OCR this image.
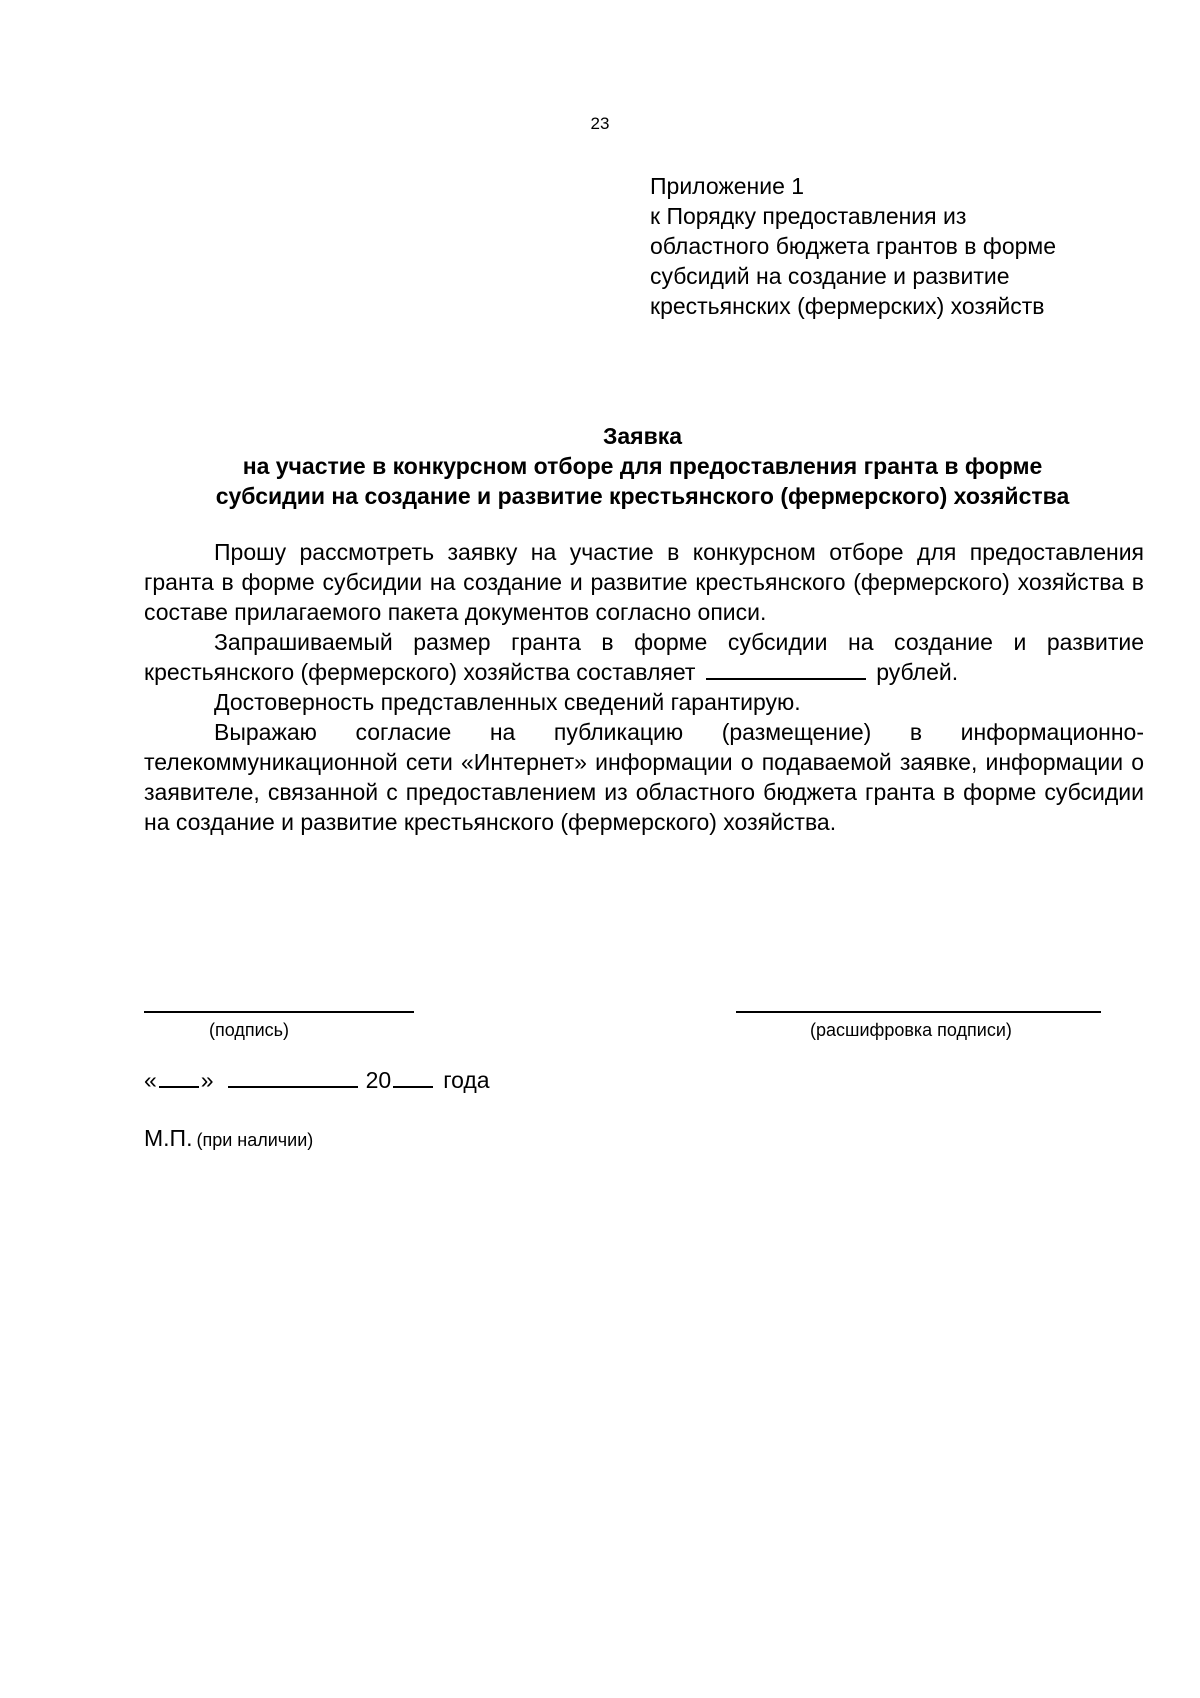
23
Приложение 1
к Порядку предоставления из
областного бюджета грантов в форме
субсидий на создание и развитие
крестьянских (фермерских) хозяйств
Заявка
на участие в конкурсном отборе для предоставления гранта в форме
субсидии на создание и развитие крестьянского (фермерского) хозяйства

Прошу рассмотреть заявку на участие в конкурсном отборе для предоставления гранта в форме субсидии на создание и развитие крестьянского (фермерского) хозяйства в составе прилагаемого пакета документов согласно описи.

Запрашиваемый размер гранта в форме субсидии на создание и развитие крестьянского (фермерского) хозяйства составляет	рублей.

Достоверность представленных сведений гарантирую.

Выражаю согласие на публикацию (размещение) в информационно-телекоммуникационной сети «Интернет» информации о подаваемой заявке, информации о заявителе, связанной с предоставлением из областного бюджета гранта в форме субсидии на создание и развитие крестьянского (фермерского) хозяйства.

(подпись)	(расшифровка подписи)
« »	20 года
М.П. (при наличии)
